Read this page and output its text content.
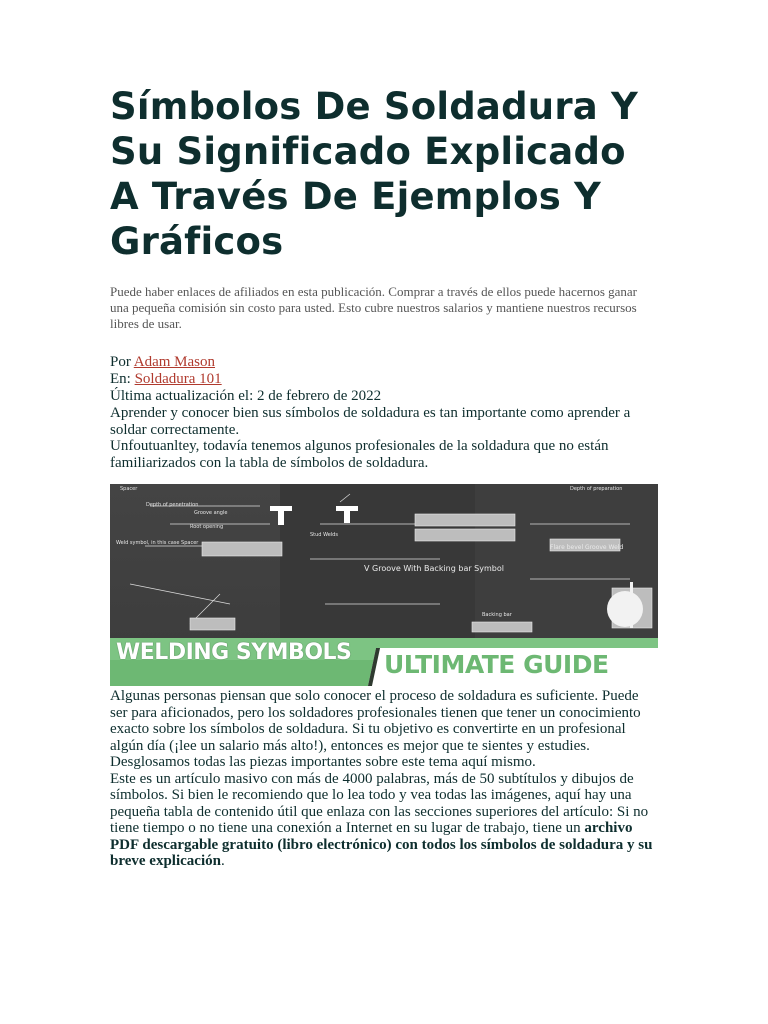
Símbolos De Soldadura Y Su Significado Explicado A Través De Ejemplos Y Gráficos
Puede haber enlaces de afiliados en esta publicación. Comprar a través de ellos puede hacernos ganar una pequeña comisión sin costo para usted. Esto cubre nuestros salarios y mantiene nuestros recursos libres de usar.
Por Adam Mason
En: Soldadura 101
Última actualización el: 2 de febrero de 2022

Aprender y conocer bien sus símbolos de soldadura es tan importante como aprender a soldar correctamente.

Unfoutuanltey, todavía tenemos algunos profesionales de la soldadura que no están familiarizados con la tabla de símbolos de soldadura.

Spacer
Depth of penetration
Root opening
Groove angle
Weld symbol, in this case Spacer
Stud Welds
Depth of preparation
Backing bar
Flare bevel Groove Weld
V Groove With Backing bar Symbol
WELDING SYMBOLS ULTIMATE GUIDE

Algunas personas piensan que solo conocer el proceso de soldadura es suficiente. Puede ser para aficionados, pero los soldadores profesionales tienen que tener un conocimiento exacto sobre los símbolos de soldadura. Si tu objetivo es convertirte en un profesional algún día (¡lee un salario más alto!), entonces es mejor que te sientes y estudies. Desglosamos todas las piezas importantes sobre este tema aquí mismo.

Este es un artículo masivo con más de 4000 palabras, más de 50 subtítulos y dibujos de símbolos. Si bien le recomiendo que lo lea todo y vea todas las imágenes, aquí hay una pequeña tabla de contenido útil que enlaza con las secciones superiores del artículo: Si no tiene tiempo o no tiene una conexión a Internet en su lugar de trabajo, tiene un archivo PDF descargable gratuito (libro electrónico) con todos los símbolos de soldadura y su breve explicación.
